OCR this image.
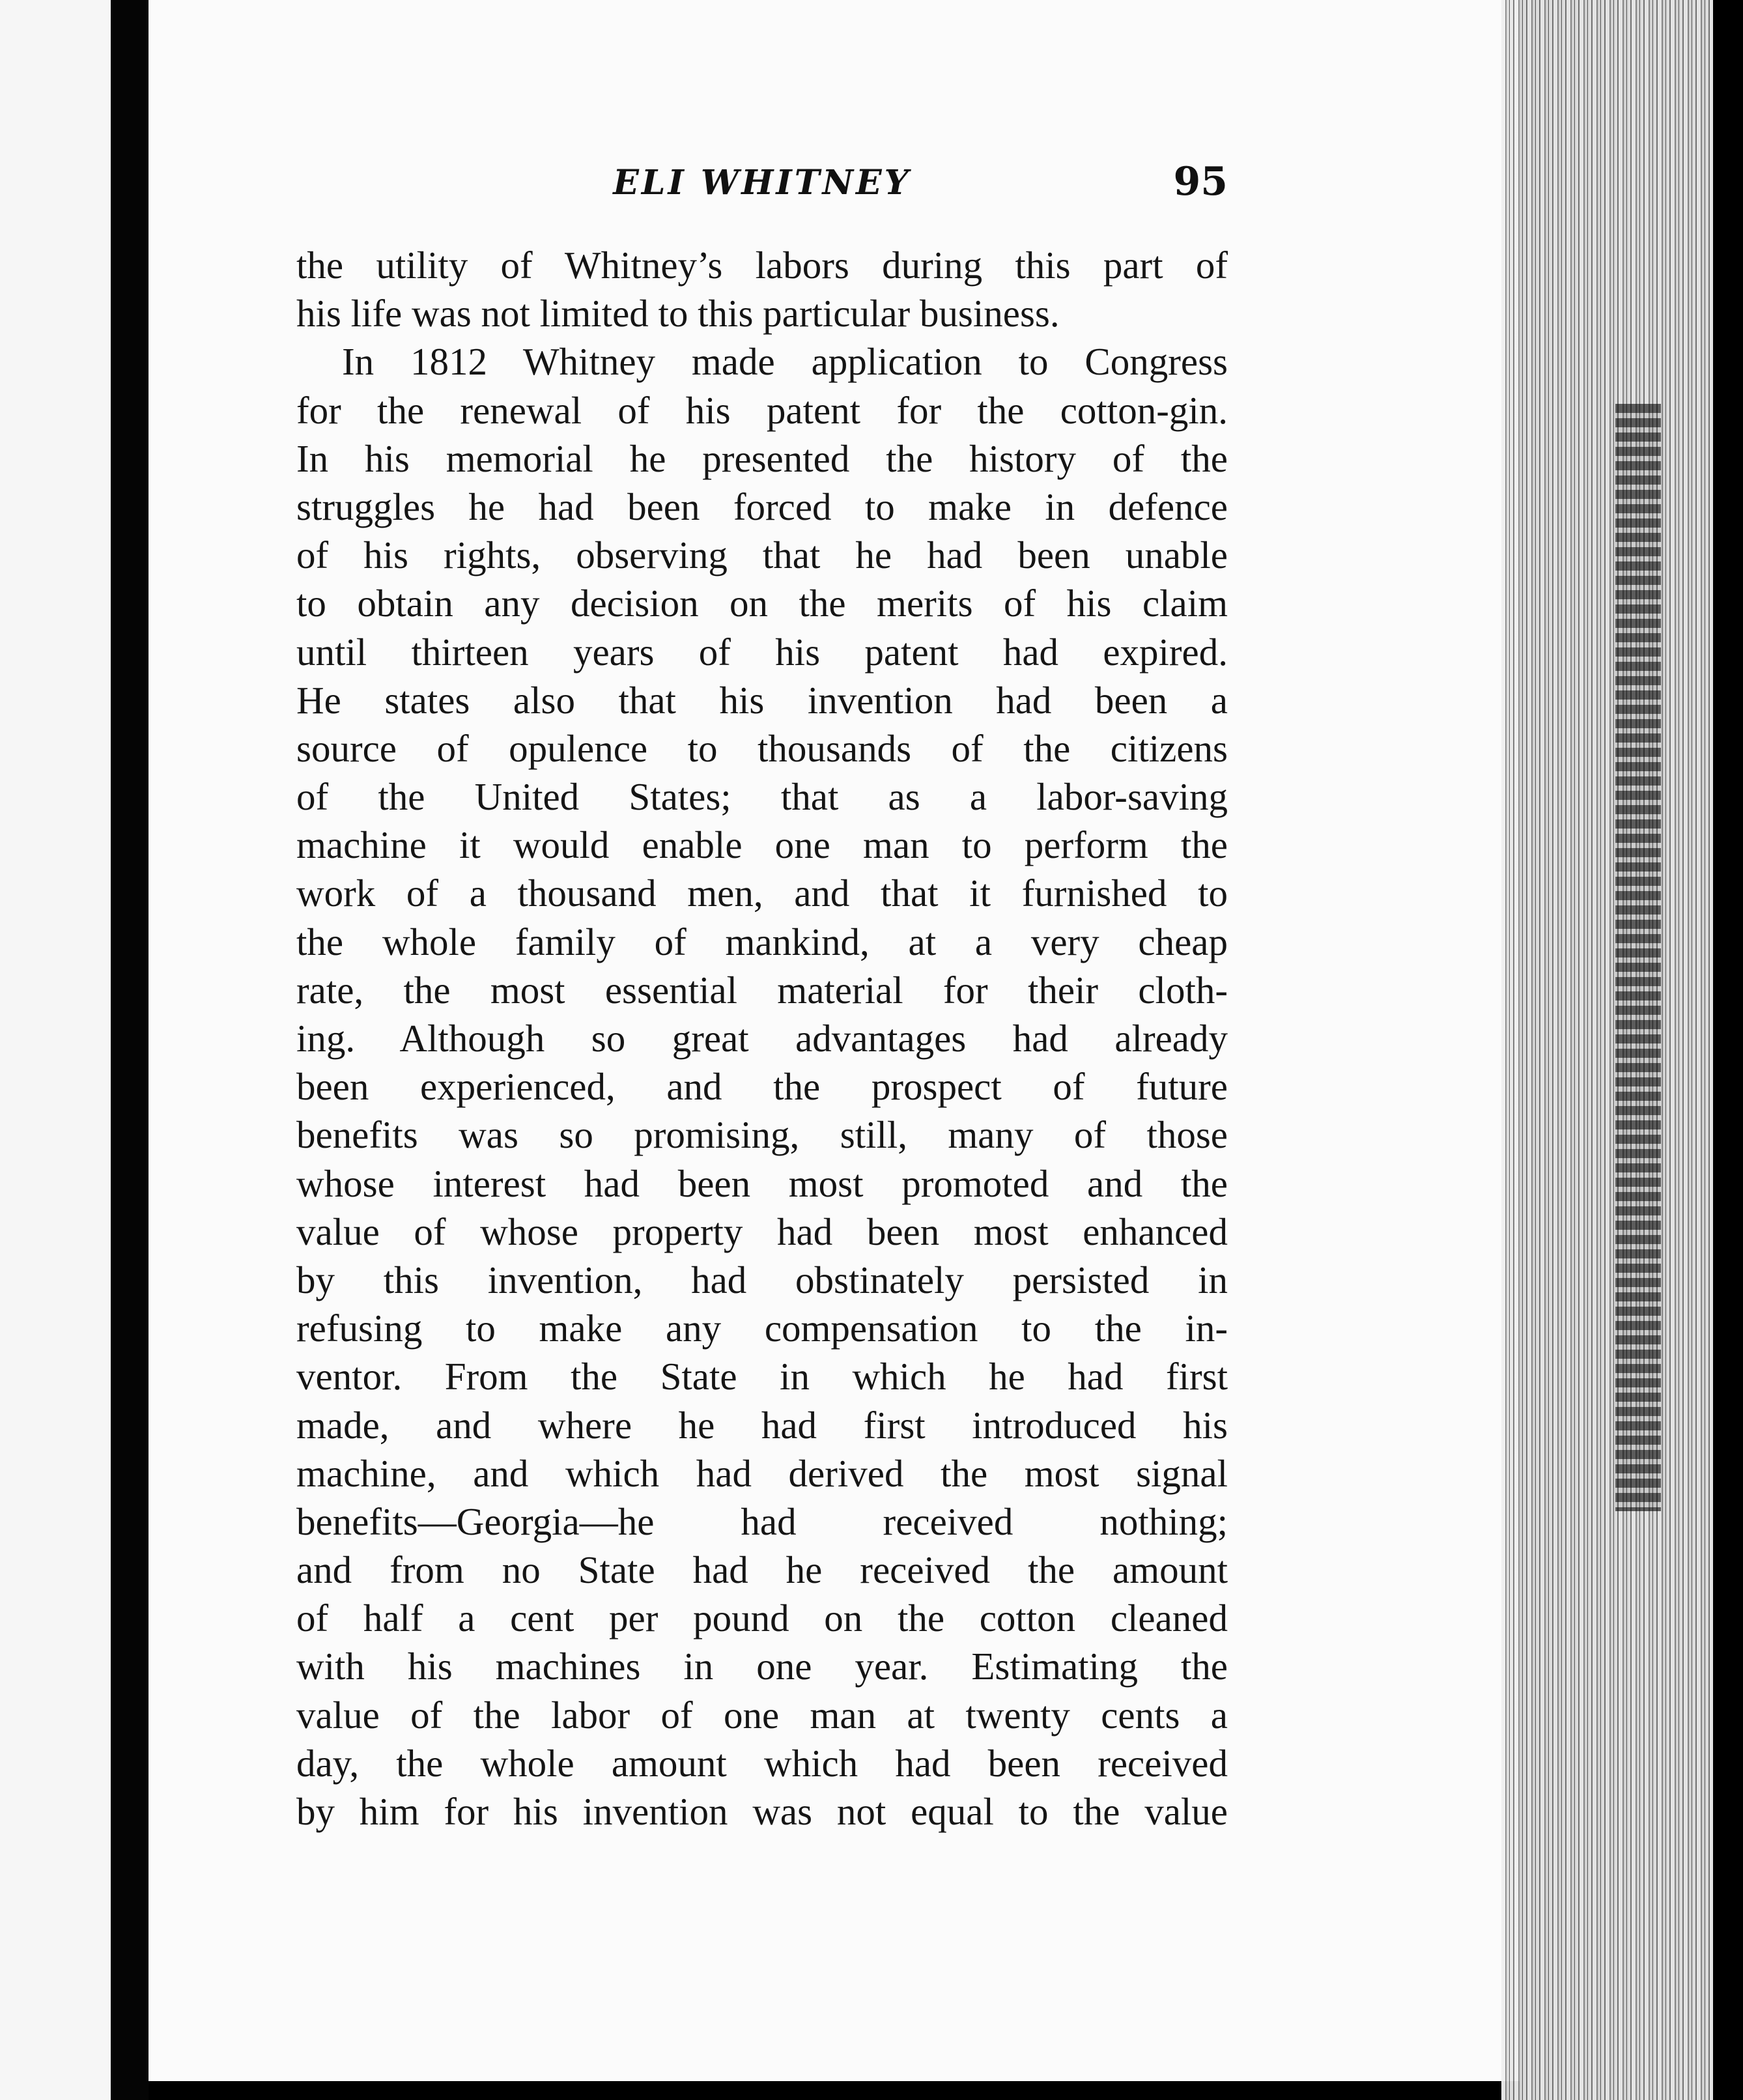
ELI WHITNEY	95
the utility of Whitney’s labors during this part of
his life was not limited to this particular business.
In 1812 Whitney made application to Congress
for the renewal of his patent for the cotton-gin.
In his memorial he presented the history of the
struggles he had been forced to make in defence
of his rights, observing that he had been unable
to obtain any decision on the merits of his claim
until thirteen years of his patent had expired.
He states also that his invention had been a
source of opulence to thousands of the citizens
of the United States; that as a labor-saving
machine it would enable one man to perform the
work of a thousand men, and that it furnished to
the whole family of mankind, at a very cheap
rate, the most essential material for their cloth-
ing. Although so great advantages had already
been experienced, and the prospect of future
benefits was so promising, still, many of those
whose interest had been most promoted and the
value of whose property had been most enhanced
by this invention, had obstinately persisted in
refusing to make any compensation to the in-
ventor. From the State in which he had first
made, and where he had first introduced his
machine, and which had derived the most signal
benefits—Georgia—he had received nothing;
and from no State had he received the amount
of half a cent per pound on the cotton cleaned
with his machines in one year. Estimating the
value of the labor of one man at twenty cents a
day, the whole amount which had been received
by him for his invention was not equal to the value
